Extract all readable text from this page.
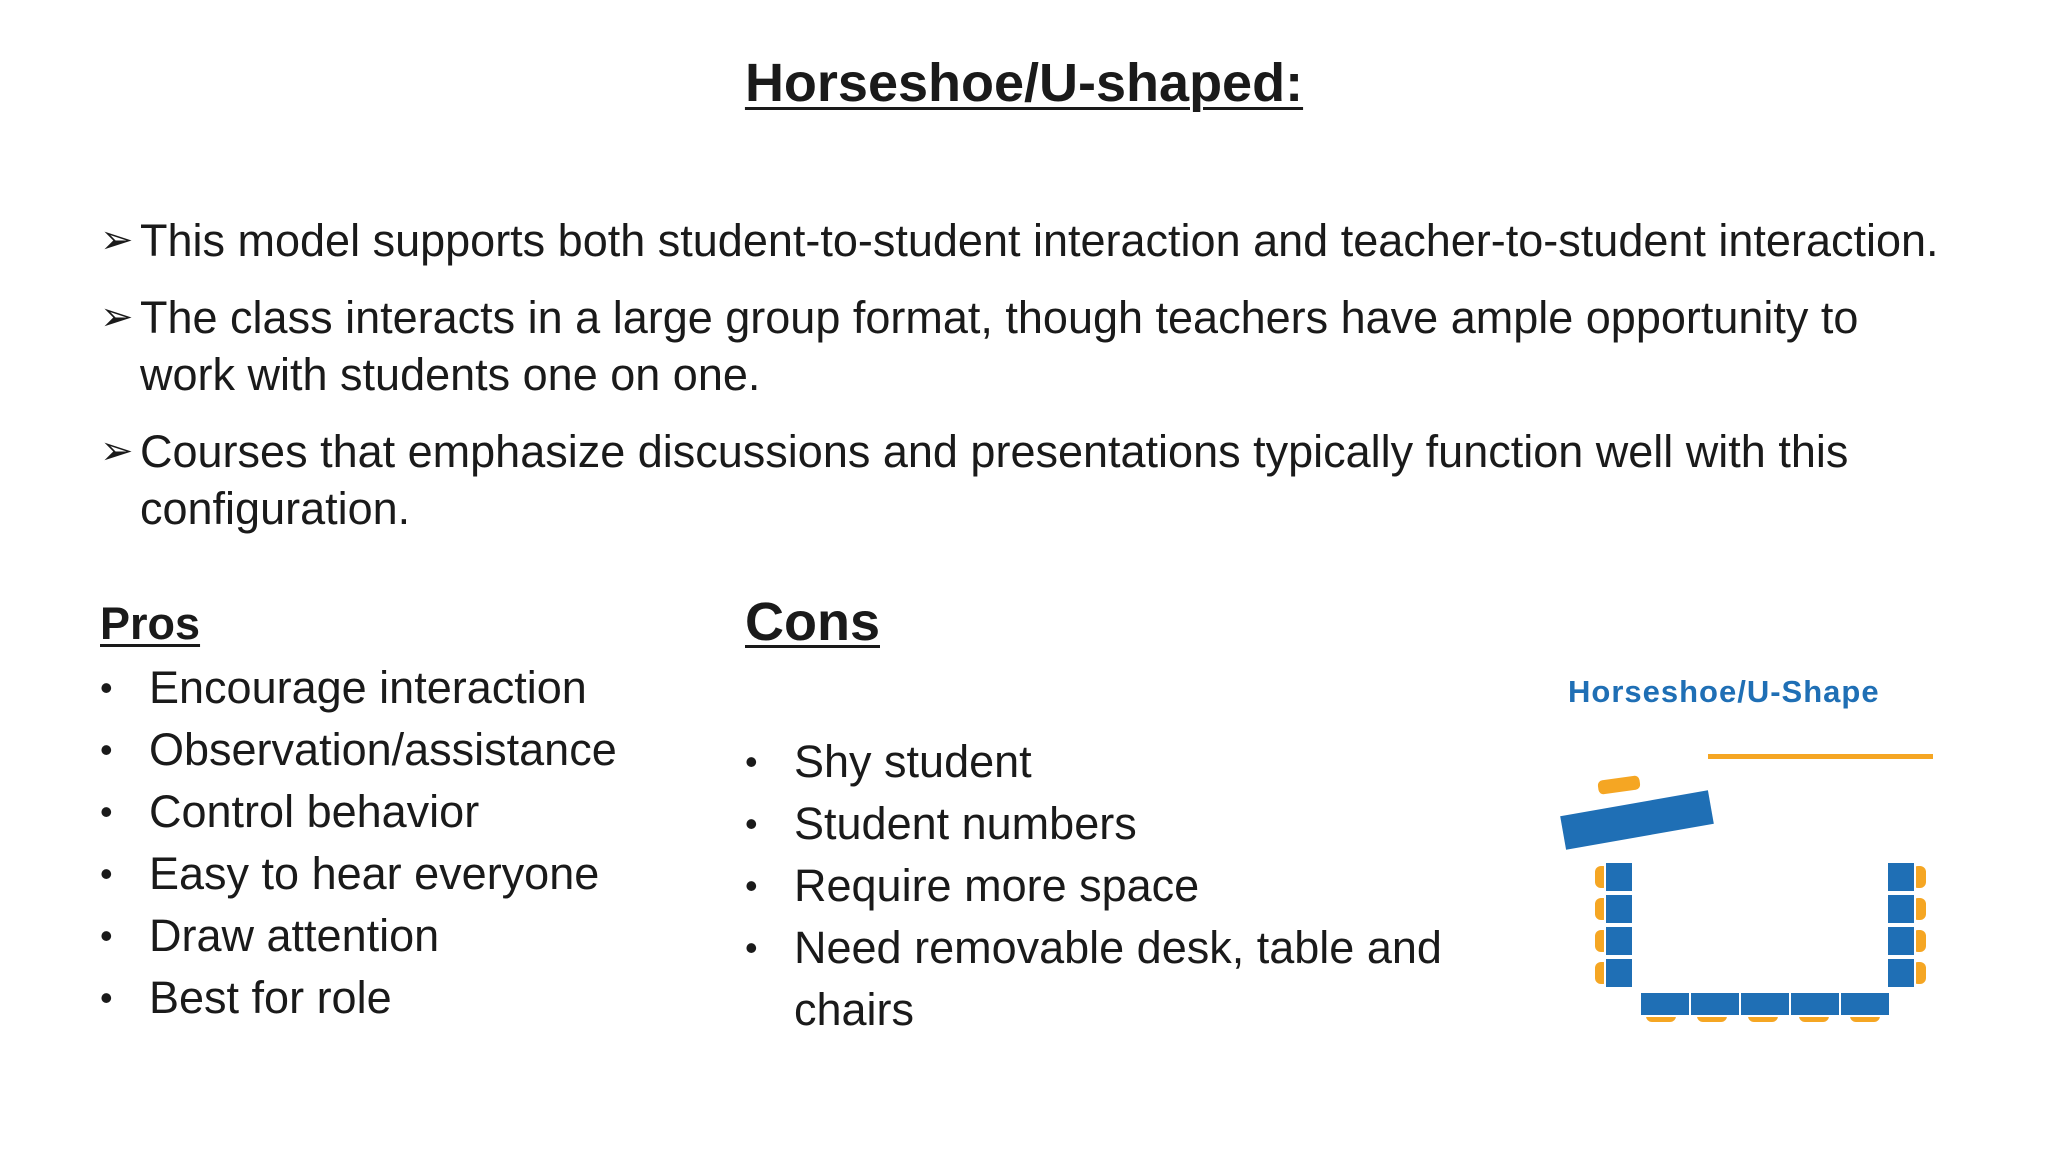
Horseshoe/U-shaped:
➢ This model supports both student-to-student interaction and teacher-to-student interaction.
➢ The class interacts in a large group format, though teachers have ample opportunity to work with students one on one.
➢ Courses that emphasize discussions and presentations typically function well with this configuration.
Pros
• Encourage interaction
• Observation/assistance
• Control behavior
• Easy to hear everyone
• Draw attention
• Best for role
Cons
• Shy student
• Student numbers
• Require more space
• Need removable desk, table and chairs
Horseshoe/U-Shape
